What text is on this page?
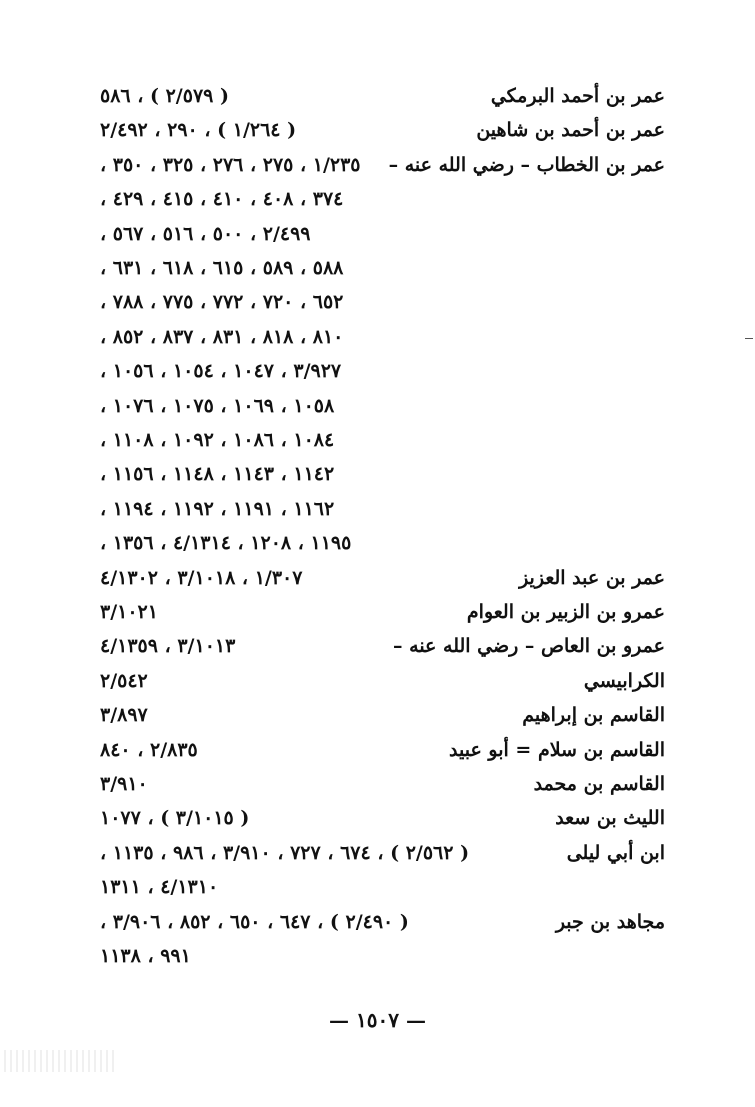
عمر بن أحمد البرمكي
( ٢/٥٧٩ ) ، ٥٨٦
عمر بن أحمد بن شاهين
( ١/٢٦٤ ) ، ٢٩٠ ، ٢/٤٩٢
عمر بن الخطاب – رضي الله عنه –
١/٢٣٥ ، ٢٧٥ ، ٢٧٦ ، ٣٢٥ ، ٣٥٠ ،
٣٧٤ ، ٤٠٨ ، ٤١٠ ، ٤١٥ ، ٤٢٩ ،
٢/٤٩٩ ، ٥٠٠ ، ٥١٦ ، ٥٦٧ ،
٥٨٨ ، ٥٨٩ ، ٦١٥ ، ٦١٨ ، ٦٣١ ،
٦٥٢ ، ٧٢٠ ، ٧٧٢ ، ٧٧٥ ، ٧٨٨ ،
٨١٠ ، ٨١٨ ، ٨٣١ ، ٨٣٧ ، ٨٥٢ ،
٣/٩٢٧ ، ١٠٤٧ ، ١٠٥٤ ، ١٠٥٦ ،
١٠٥٨ ، ١٠٦٩ ، ١٠٧٥ ، ١٠٧٦ ،
١٠٨٤ ، ١٠٨٦ ، ١٠٩٢ ، ١١٠٨ ،
١١٤٢ ، ١١٤٣ ، ١١٤٨ ، ١١٥٦ ،
١١٦٢ ، ١١٩١ ، ١١٩٢ ، ١١٩٤ ،
١١٩٥ ، ١٢٠٨ ، ٤/١٣١٤ ، ١٣٥٦ ،
عمر بن عبد العزيز
١/٣٠٧ ، ٣/١٠١٨ ، ٤/١٣٠٢
عمرو بن الزبير بن العوام
٣/١٠٢١
عمرو بن العاص – رضي الله عنه –
٣/١٠١٣ ، ٤/١٣٥٩
الكرابيسي
٢/٥٤٢
القاسم بن إبراهيم
٣/٨٩٧
القاسم بن سلام = أبو عبيد
٢/٨٣٥ ، ٨٤٠
القاسم بن محمد
٣/٩١٠
الليث بن سعد
( ٣/١٠١٥ ) ، ١٠٧٧
ابن أبي ليلى
( ٢/٥٦٢ ) ، ٦٧٤ ، ٧٢٧ ، ٣/٩١٠ ، ٩٨٦ ، ١١٣٥ ،
٤/١٣١٠ ، ١٣١١
مجاهد بن جبر
( ٢/٤٩٠ ) ، ٦٤٧ ، ٦٥٠ ، ٨٥٢ ، ٣/٩٠٦ ،
٩٩١ ، ١١٣٨
— ١٥٠٧ —
